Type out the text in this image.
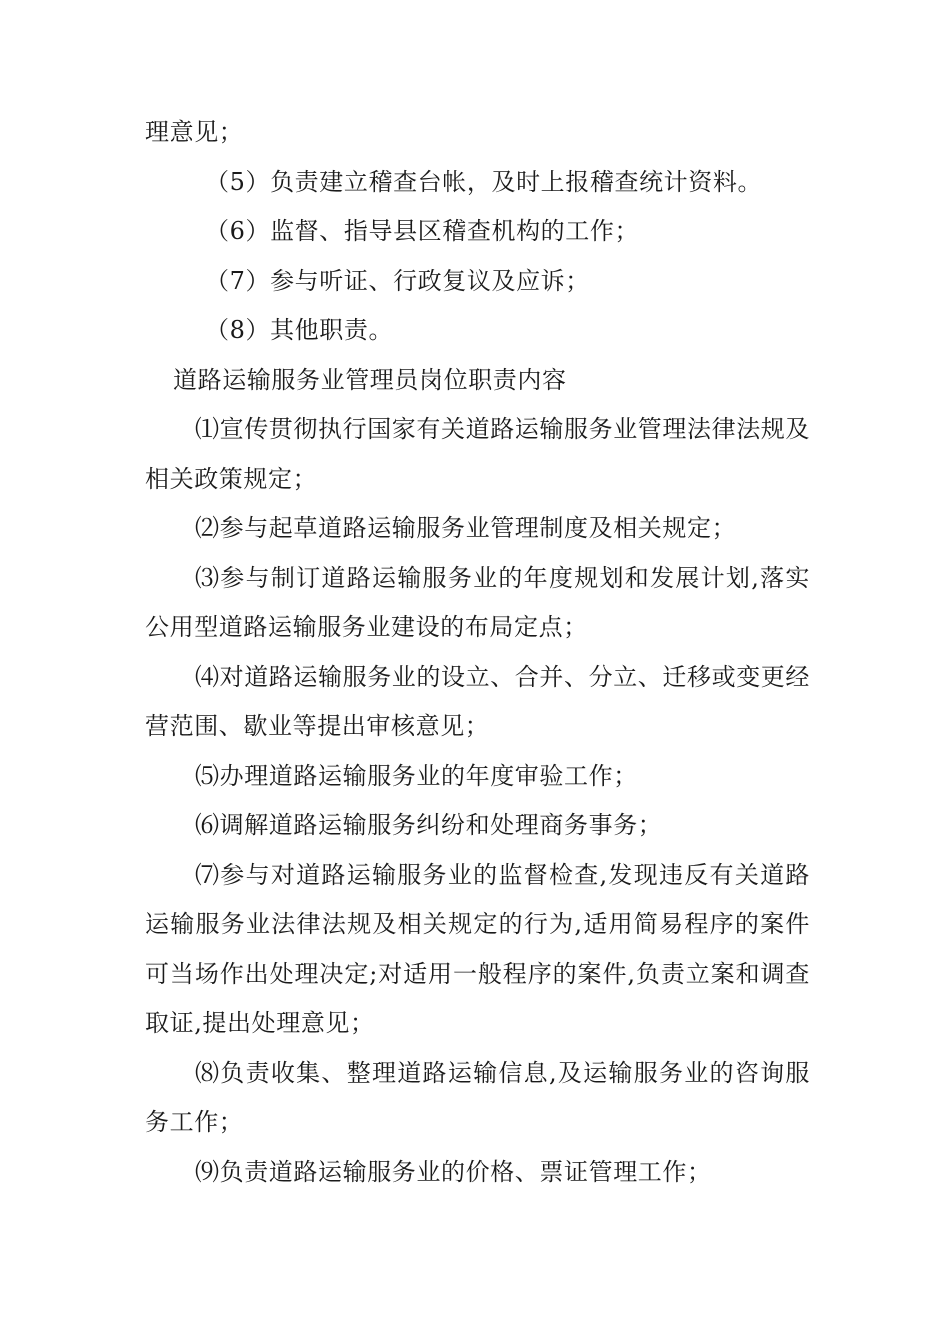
理意见；

（5）负责建立稽查台帐，及时上报稽查统计资料。

（6）监督、指导县区稽查机构的工作；

（7）参与听证、行政复议及应诉；

（8）其他职责。

道路运输服务业管理员岗位职责内容

⑴宣传贯彻执行国家有关道路运输服务业管理法律法规及相关政策规定；

⑵参与起草道路运输服务业管理制度及相关规定；

⑶参与制订道路运输服务业的年度规划和发展计划,落实公用型道路运输服务业建设的布局定点；

⑷对道路运输服务业的设立、合并、分立、迁移或变更经营范围、歇业等提出审核意见；

⑸办理道路运输服务业的年度审验工作；

⑹调解道路运输服务纠纷和处理商务事务；

⑺参与对道路运输服务业的监督检查,发现违反有关道路运输服务业法律法规及相关规定的行为,适用简易程序的案件可当场作出处理决定;对适用一般程序的案件,负责立案和调查取证,提出处理意见；

⑻负责收集、整理道路运输信息,及运输服务业的咨询服务工作；

⑼负责道路运输服务业的价格、票证管理工作；
